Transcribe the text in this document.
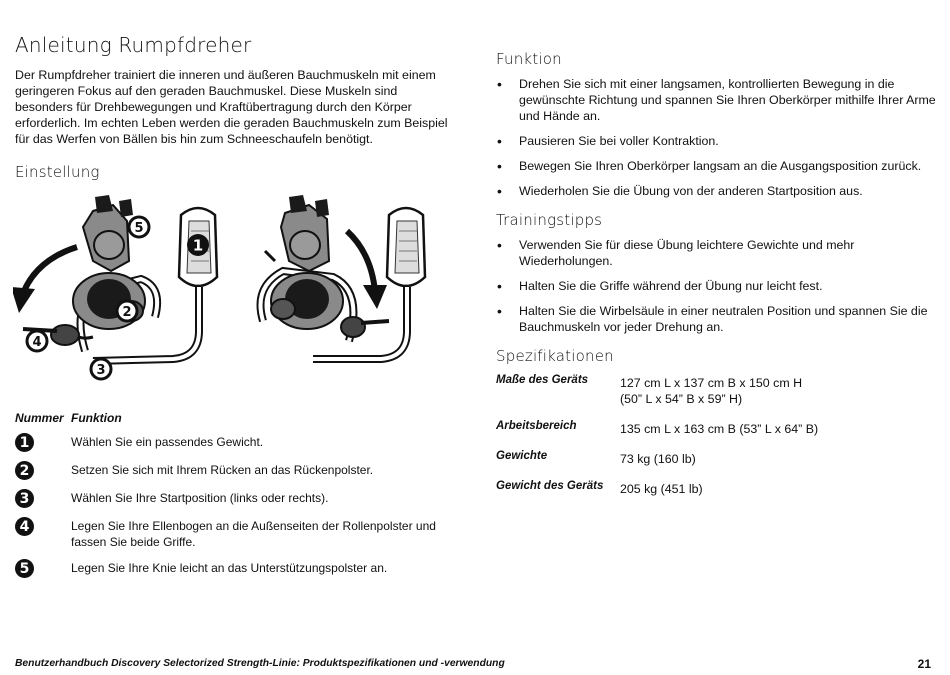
Anleitung Rumpfdreher

Der Rumpfdreher trainiert die inneren und äußeren Bauchmuskeln mit einem geringeren Fokus auf den geraden Bauchmuskel. Diese Muskeln sind besonders für Drehbewegungen und Kraftübertragung durch den Körper erforderlich. Im echten Leben werden die geraden Bauchmuskeln zum Beispiel für das Werfen von Bällen bis hin zum Schneeschaufeln benötigt.

Einstellung
1
2
3
4
5
Nummer Funktion
1	Wählen Sie ein passendes Gewicht.
2	Setzen Sie sich mit Ihrem Rücken an das Rückenpolster.
3	Wählen Sie Ihre Startposition (links oder rechts).
4	Legen Sie Ihre Ellenbogen an die Außenseiten der Rollenpolster und fassen Sie beide Griffe.
5	Legen Sie Ihre Knie leicht an das Unterstützungspolster an.
Funktion
• Drehen Sie sich mit einer langsamen, kontrollierten Bewegung in die gewünschte Richtung und spannen Sie Ihren Oberkörper mithilfe Ihrer Arme und Hände an.
• Pausieren Sie bei voller Kontraktion.
• Bewegen Sie Ihren Oberkörper langsam an die Ausgangsposition zurück.
• Wiederholen Sie die Übung von der anderen Startposition aus.
Trainingstipps
• Verwenden Sie für diese Übung leichtere Gewichte und mehr Wiederholungen.
• Halten Sie die Griffe während der Übung nur leicht fest.
• Halten Sie die Wirbelsäule in einer neutralen Position und spannen Sie die Bauchmuskeln vor jeder Drehung an.
Spezifikationen
Maße des Geräts	127 cm L x 137 cm B x 150 cm H
(50” L x 54” B x 59” H)
Arbeitsbereich	135 cm L x 163 cm B (53” L x 64” B)
Gewichte	73 kg (160 lb)
Gewicht des Geräts	205 kg (451 lb)
Benutzerhandbuch Discovery Selectorized Strength-Linie: Produktspezifikationen und -verwendung	21
